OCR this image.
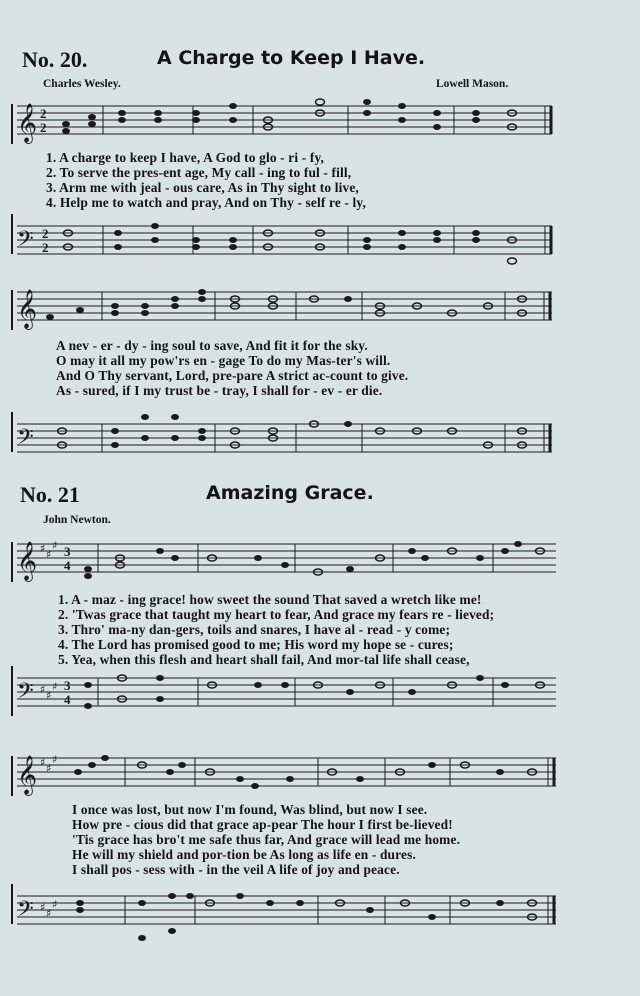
No. 20.	A Charge to Keep I Have.
Charles Wesley.	Lowell Mason.
𝄞 2
2
1. A charge to keep I have, A God to glo - ri - fy,
2. To serve the pres-ent age, My call - ing to ful - fill,
3. Arm me with jeal - ous care, As in Thy sight to live,
4. Help me to watch and pray, And on Thy - self re - ly,
𝄢 2
2
𝄞
A nev - er - dy - ing soul to save, And fit it for the sky.
O may it all my pow'rs en - gage To do my Mas-ter's will.
And O Thy servant, Lord, pre-pare A strict ac-count to give.
As - sured, if I my trust be - tray, I shall for - ev - er die.
𝄢
No. 21	Amazing Grace.
John Newton.
𝄞 ♯ ♯
♯ 3
4
1. A - maz - ing grace! how sweet the sound That saved a wretch like me!
2. 'Twas grace that taught my heart to fear, And grace my fears re - lieved;
3. Thro' ma-ny dan-gers, toils and snares, I have al - read - y come;
4. The Lord has promised good to me; His word my hope se - cures;
5. Yea, when this flesh and heart shall fail, And mor-tal life shall cease,
𝄢 ♯ ♯
♯ 3
4
𝄞 ♯ ♯
♯
I once was lost, but now I'm found, Was blind, but now I see.
How pre - cious did that grace ap-pear The hour I first be-lieved!
'Tis grace has bro't me safe thus far, And grace will lead me home.
He will my shield and por-tion be As long as life en - dures.
I shall pos - sess with - in the veil A life of joy and peace.
𝄢 ♯ ♯
♯
